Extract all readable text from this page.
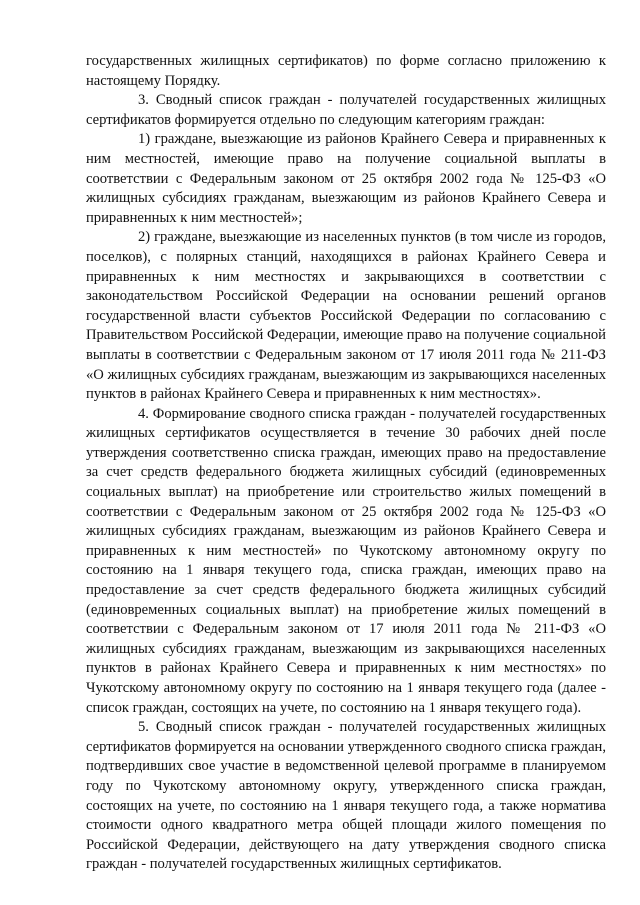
государственных жилищных сертификатов) по форме согласно приложению к настоящему Порядку.

3. Сводный список граждан - получателей государственных жилищных сертификатов формируется отдельно по следующим категориям граждан:

1) граждане, выезжающие из районов Крайнего Севера и приравненных к ним местностей, имеющие право на получение социальной выплаты в соответствии с Федеральным законом от 25 октября 2002 года № 125-ФЗ «О жилищных субсидиях гражданам, выезжающим из районов Крайнего Севера и приравненных к ним местностей»;

2) граждане, выезжающие из населенных пунктов (в том числе из городов, поселков), с полярных станций, находящихся в районах Крайнего Севера и приравненных к ним местностях и закрывающихся в соответствии с законодательством Российской Федерации на основании решений органов государственной власти субъектов Российской Федерации по согласованию с Правительством Российской Федерации, имеющие право на получение социальной выплаты в соответствии с Федеральным законом от 17 июля 2011 года № 211-ФЗ «О жилищных субсидиях гражданам, выезжающим из закрывающихся населенных пунктов в районах Крайнего Севера и приравненных к ним местностях».

4. Формирование сводного списка граждан - получателей государственных жилищных сертификатов осуществляется в течение 30 рабочих дней после утверждения соответственно списка граждан, имеющих право на предоставление за счет средств федерального бюджета жилищных субсидий (единовременных социальных выплат) на приобретение или строительство жилых помещений в соответствии с Федеральным законом от 25 октября 2002 года № 125-ФЗ «О жилищных субсидиях гражданам, выезжающим из районов Крайнего Севера и приравненных к ним местностей» по Чукотскому автономному округу по состоянию на 1 января текущего года, списка граждан, имеющих право на предоставление за счет средств федерального бюджета жилищных субсидий (единовременных социальных выплат) на приобретение жилых помещений в соответствии с Федеральным законом от 17 июля 2011 года № 211-ФЗ «О жилищных субсидиях гражданам, выезжающим из закрывающихся населенных пунктов в районах Крайнего Севера и приравненных к ним местностях» по Чукотскому автономному округу по состоянию на 1 января текущего года (далее - список граждан, состоящих на учете, по состоянию на 1 января текущего года).

5. Сводный список граждан - получателей государственных жилищных сертификатов формируется на основании утвержденного сводного списка граждан, подтвердивших свое участие в ведомственной целевой программе в планируемом году по Чукотскому автономному округу, утвержденного списка граждан, состоящих на учете, по состоянию на 1 января текущего года, а также норматива стоимости одного квадратного метра общей площади жилого помещения по Российской Федерации, действующего на дату утверждения сводного списка граждан - получателей государственных жилищных сертификатов.
